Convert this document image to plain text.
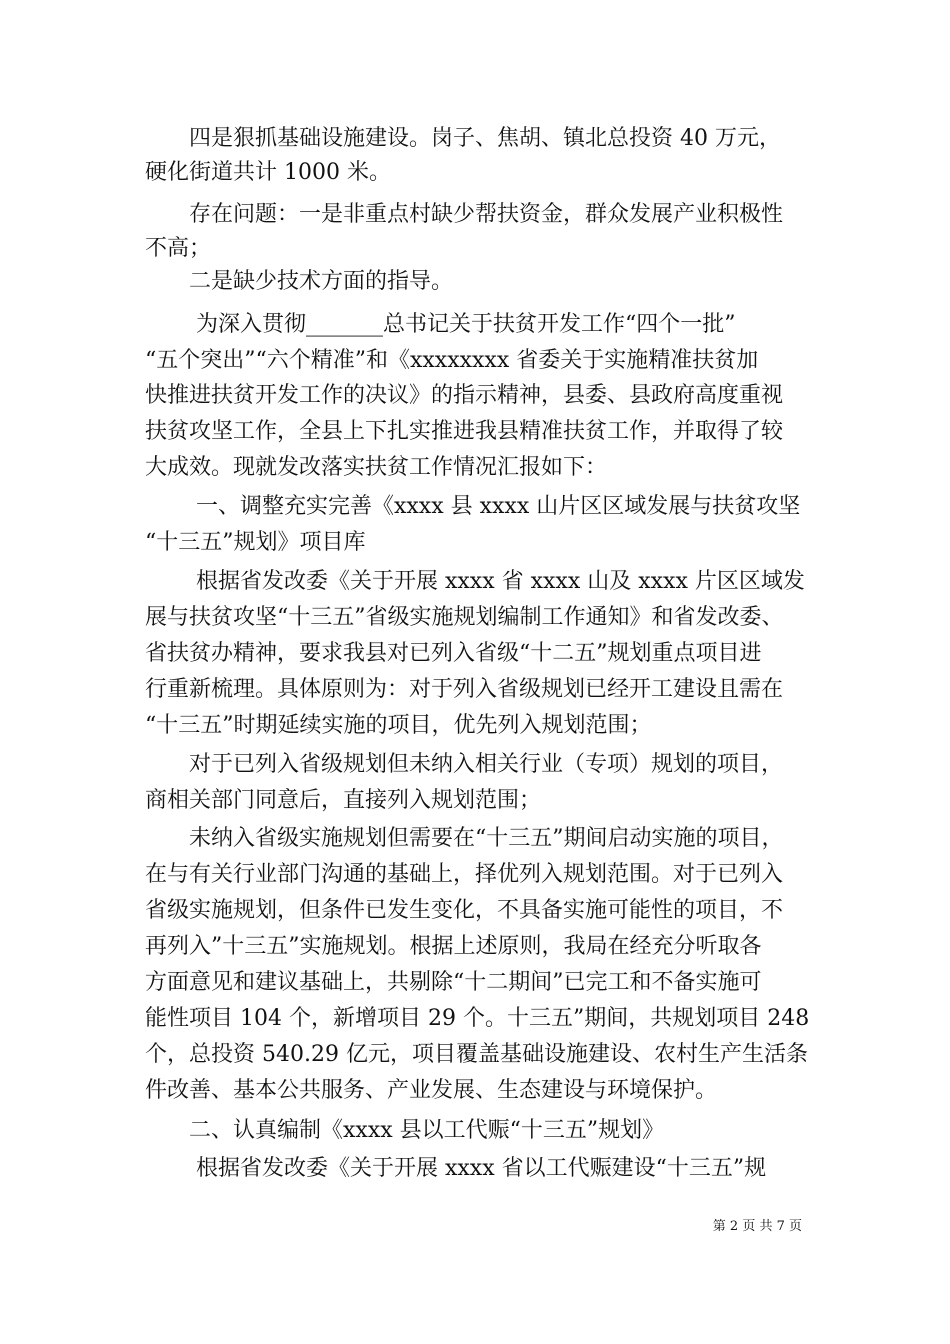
　　四是狠抓基础设施建设。岗子、焦胡、镇北总投资 40 万元，
硬化街道共计 1000 米。
　　存在问题：一是非重点村缺少帮扶资金，群众发展产业积极性
不高；
　　二是缺少技术方面的指导。
　　 为深入贯彻_______总书记关于扶贫开发工作“四个一批”
“五个突出”“六个精准”和《xxxxxxxx 省委关于实施精准扶贫加
快推进扶贫开发工作的决议》的指示精神，县委、县政府高度重视
扶贫攻坚工作，全县上下扎实推进我县精准扶贫工作，并取得了较
大成效。现就发改落实扶贫工作情况汇报如下：
　　 一、调整充实完善《xxxx 县 xxxx 山片区区域发展与扶贫攻坚
“十三五”规划》项目库
　　 根据省发改委《关于开展 xxxx 省 xxxx 山及 xxxx 片区区域发
展与扶贫攻坚“十三五”省级实施规划编制工作通知》和省发改委、
省扶贫办精神，要求我县对已列入省级“十二五”规划重点项目进
行重新梳理。具体原则为：对于列入省级规划已经开工建设且需在
“十三五”时期延续实施的项目，优先列入规划范围；
　　对于已列入省级规划但未纳入相关行业（专项）规划的项目，
商相关部门同意后，直接列入规划范围；
　　未纳入省级实施规划但需要在“十三五”期间启动实施的项目，
在与有关行业部门沟通的基础上，择优列入规划范围。对于已列入
省级实施规划，但条件已发生变化，不具备实施可能性的项目，不
再列入”十三五”实施规划。根据上述原则，我局在经充分听取各
方面意见和建议基础上，共剔除“十二期间”已完工和不备实施可
能性项目 104 个，新增项目 29 个。十三五”期间，共规划项目 248
个，总投资 540.29 亿元，项目覆盖基础设施建设、农村生产生活条
件改善、基本公共服务、产业发展、生态建设与环境保护。
　　二、认真编制《xxxx 县以工代赈“十三五”规划》
　　 根据省发改委《关于开展 xxxx 省以工代赈建设“十三五”规
第 2 页 共 7 页
